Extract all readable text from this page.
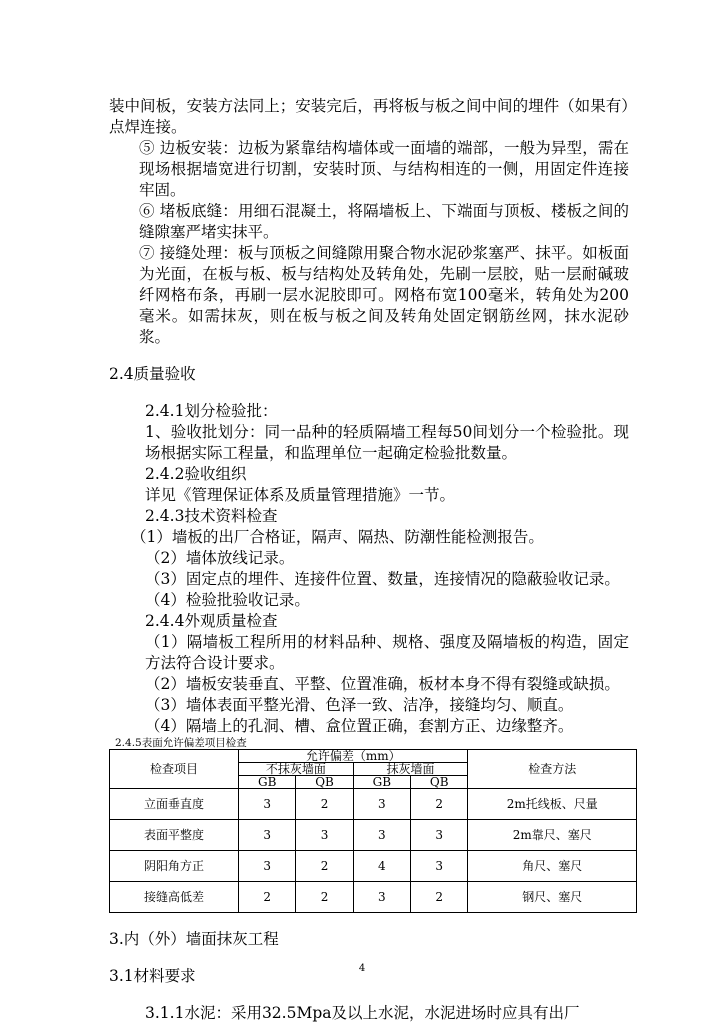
装中间板，安装方法同上；安装完后，再将板与板之间中间的埋件（如果有）点焊连接。

⑤ 边板安装：边板为紧靠结构墙体或一面墙的端部，一般为异型，需在现场根据墙宽进行切割，安装时顶、与结构相连的一侧，用固定件连接牢固。

⑥ 堵板底缝：用细石混凝土，将隔墙板上、下端面与顶板、楼板之间的缝隙塞严堵实抹平。

⑦ 接缝处理：板与顶板之间缝隙用聚合物水泥砂浆塞严、抹平。如板面为光面，在板与板、板与结构处及转角处，先刷一层胶，贴一层耐碱玻纤网格布条，再刷一层水泥胶即可。网格布宽100毫米，转角处为200毫米。如需抹灰，则在板与板之间及转角处固定钢筋丝网，抹水泥砂浆。

2.4质量验收

2.4.1划分检验批：

1、验收批划分：同一品种的轻质隔墙工程每50间划分一个检验批。现场根据实际工程量，和监理单位一起确定检验批数量。

2.4.2验收组织

详见《管理保证体系及质量管理措施》一节。

2.4.3技术资料检查

（1）墙板的出厂合格证，隔声、隔热、防潮性能检测报告。

（2）墙体放线记录。

（3）固定点的埋件、连接件位置、数量，连接情况的隐蔽验收记录。

（4）检验批验收记录。

2.4.4外观质量检查

（1）隔墙板工程所用的材料品种、规格、强度及隔墙板的构造，固定方法符合设计要求。

（2）墙板安装垂直、平整、位置准确，板材本身不得有裂缝或缺损。

（3）墙体表面平整光滑、色泽一致、洁净，接缝均匀、顺直。

（4）隔墙上的孔洞、槽、盒位置正确，套割方正、边缘整齐。

2.4.5表面允许偏差项目检查

检查项目	允许偏差（mm）				检查方法
	不抹灰墙面		抹灰墙面		
	GB	QB	GB	QB	
立面垂直度	3	2	3	2	2m托线板、尺量
表面平整度	3	3	3	3	2m靠尺、塞尺
阴阳角方正	3	2	4	3	角尺、塞尺
接缝高低差	2	2	3	2	钢尺、塞尺

3.内（外）墙面抹灰工程

3.1材料要求

3.1.1水泥：采用32.5Mpa及以上水泥，水泥进场时应具有出厂

4
